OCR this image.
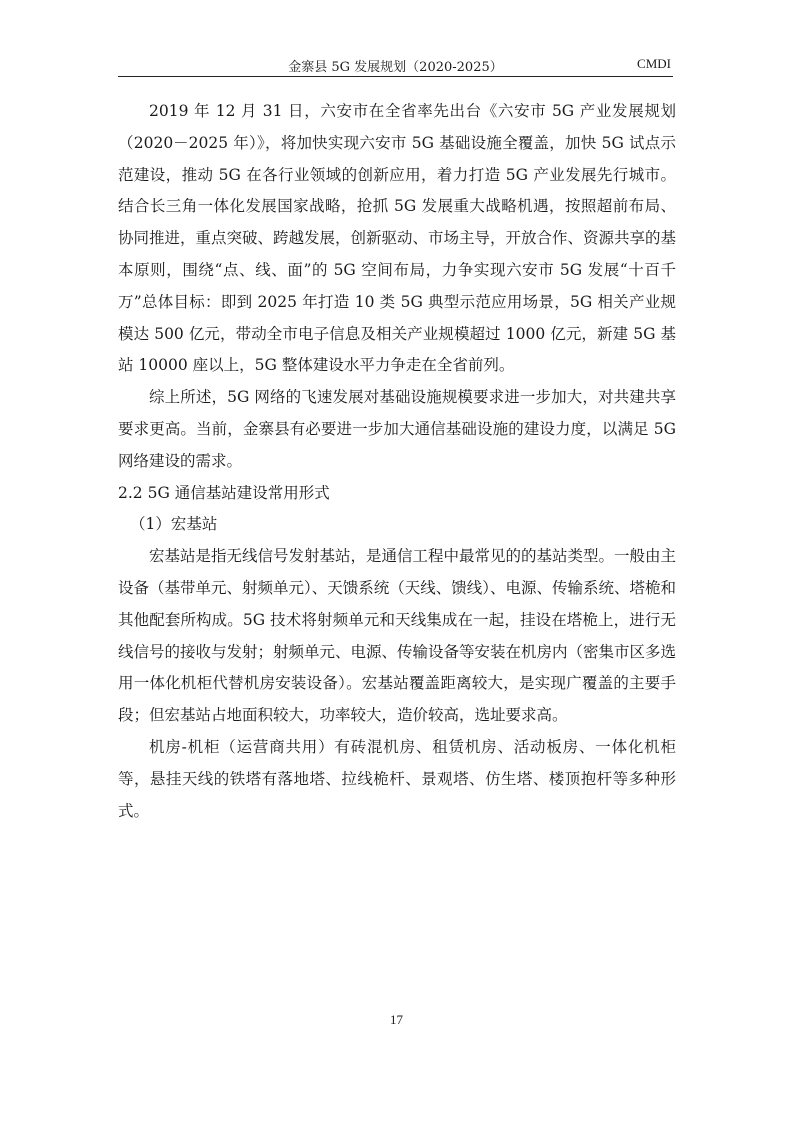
金寨县 5G 发展规划（2020-2025）	CMDI

2019 年 12 月 31 日，六安市在全省率先出台《六安市 5G 产业发展规划（2020－2025 年）》，将加快实现六安市 5G 基础设施全覆盖，加快 5G 试点示范建设，推动 5G 在各行业领域的创新应用，着力打造 5G 产业发展先行城市。结合长三角一体化发展国家战略，抢抓 5G 发展重大战略机遇，按照超前布局、协同推进，重点突破、跨越发展，创新驱动、市场主导，开放合作、资源共享的基本原则，围绕“点、线、面”的 5G 空间布局，力争实现六安市 5G 发展“十百千万”总体目标：即到 2025 年打造 10 类 5G 典型示范应用场景，5G 相关产业规模达 500 亿元，带动全市电子信息及相关产业规模超过 1000 亿元，新建 5G 基站 10000 座以上，5G 整体建设水平力争走在全省前列。

综上所述，5G 网络的飞速发展对基础设施规模要求进一步加大，对共建共享要求更高。当前，金寨县有必要进一步加大通信基础设施的建设力度，以满足 5G 网络建设的需求。

2.2 5G 通信基站建设常用形式

（1）宏基站

宏基站是指无线信号发射基站，是通信工程中最常见的的基站类型。一般由主设备（基带单元、射频单元）、天馈系统（天线、馈线）、电源、传输系统、塔桅和其他配套所构成。5G 技术将射频单元和天线集成在一起，挂设在塔桅上，进行无线信号的接收与发射；射频单元、电源、传输设备等安装在机房内（密集市区多选用一体化机柜代替机房安装设备）。宏基站覆盖距离较大，是实现广覆盖的主要手段；但宏基站占地面积较大，功率较大，造价较高，选址要求高。

机房-机柜（运营商共用）有砖混机房、租赁机房、活动板房、一体化机柜等，悬挂天线的铁塔有落地塔、拉线桅杆、景观塔、仿生塔、楼顶抱杆等多种形式。

17
